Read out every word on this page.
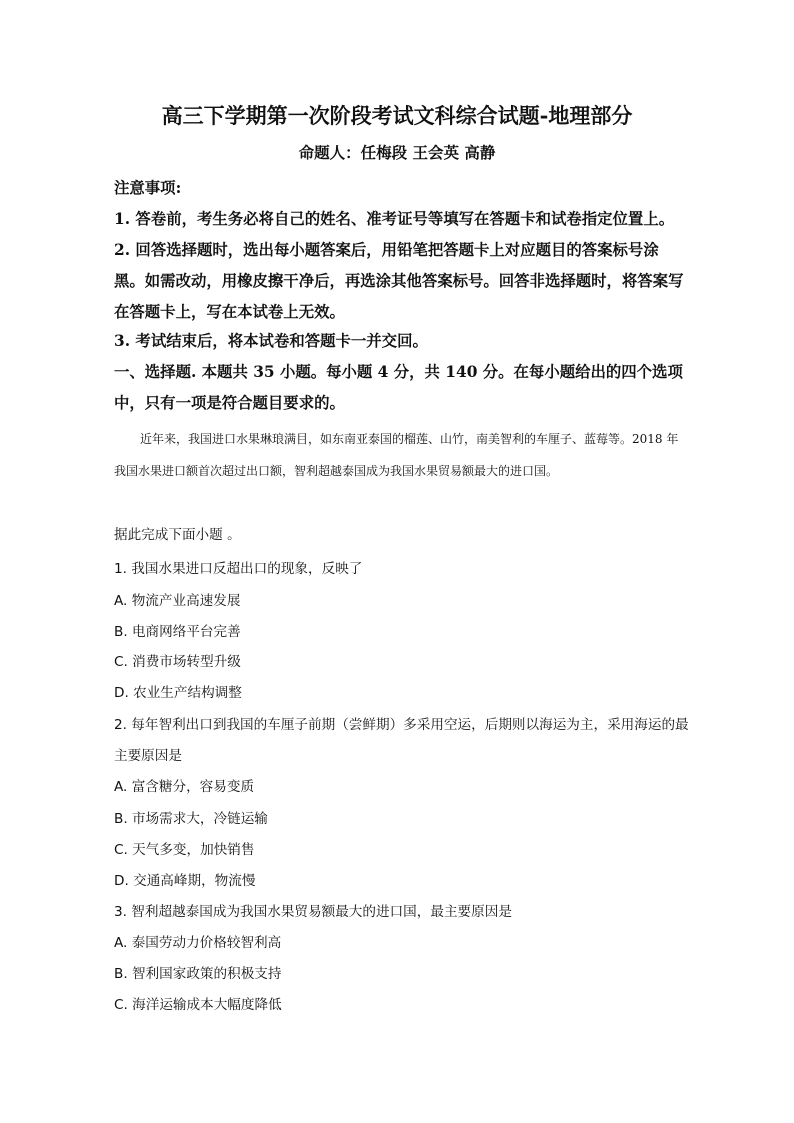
高三下学期第一次阶段考试文科综合试题-地理部分
命题人：任梅段 王会英 高静

注意事项:

1. 答卷前，考生务必将自己的姓名、准考证号等填写在答题卡和试卷指定位置上。

2. 回答选择题时，选出每小题答案后，用铅笔把答题卡上对应题目的答案标号涂黑。如需改动，用橡皮擦干净后，再选涂其他答案标号。回答非选择题时，将答案写在答题卡上，写在本试卷上无效。

3. 考试结束后，将本试卷和答题卡一并交回。

一、选择题. 本题共 35 小题。每小题 4 分，共 140 分。在每小题给出的四个选项中，只有一项是符合题目要求的。

近年来，我国进口水果琳琅满目，如东南亚泰国的榴莲、山竹，南美智利的车厘子、蓝莓等。2018 年我国水果进口额首次超过出口额，智利超越泰国成为我国水果贸易额最大的进口国。

据此完成下面小题 。

1. 我国水果进口反超出口的现象，反映了

A. 物流产业高速发展

B. 电商网络平台完善

C. 消费市场转型升级

D. 农业生产结构调整

2. 每年智利出口到我国的车厘子前期（尝鲜期）多采用空运，后期则以海运为主，采用海运的最主要原因是

A. 富含糖分，容易变质

B. 市场需求大，冷链运输

C. 天气多变，加快销售

D. 交通高峰期，物流慢

3. 智利超越泰国成为我国水果贸易额最大的进口国，最主要原因是

A. 泰国劳动力价格较智利高

B. 智利国家政策的积极支持

C. 海洋运输成本大幅度降低
